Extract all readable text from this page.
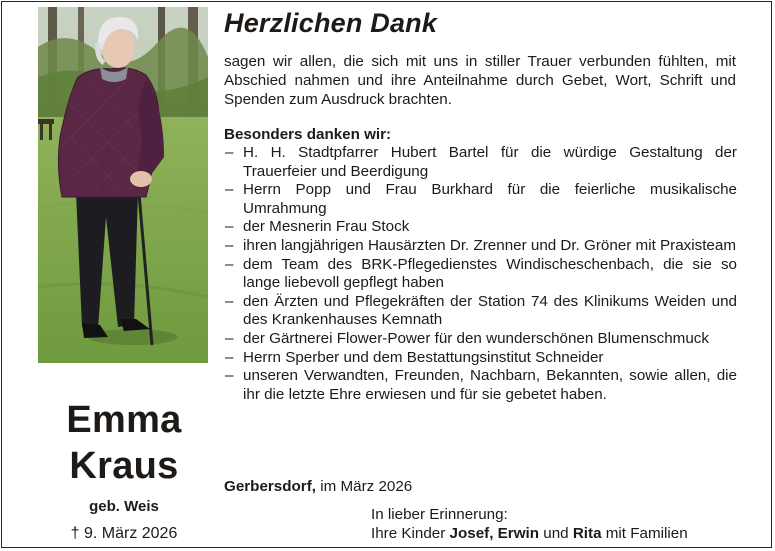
Emma
Kraus
geb. Weis
† 9. März 2026
Herzlichen Dank

sagen wir allen, die sich mit uns in stiller Trauer verbunden fühlten, mit Abschied nahmen und ihre Anteilnahme durch Gebet, Wort, Schrift und Spenden zum Ausdruck brachten.

Besonders danken wir:
– H. H. Stadtpfarrer Hubert Bartel für die würdige Gestaltung der Trauerfeier und Beerdigung
– Herrn Popp und Frau Burkhard für die feierliche musikalische Umrahmung
– der Mesnerin Frau Stock
– ihren langjährigen Hausärzten Dr. Zrenner und Dr. Gröner mit Praxisteam
– dem Team des BRK-Pflegedienstes Windischeschenbach, die sie so lange liebevoll gepflegt haben
– den Ärzten und Pflegekräften der Station 74 des Klinikums Weiden und des Krankenhauses Kemnath
– der Gärtnerei Flower-Power für den wunderschönen Blumenschmuck
– Herrn Sperber und dem Bestattungsinstitut Schneider
– unseren Verwandten, Freunden, Nachbarn, Bekannten, sowie allen, die ihr die letzte Ehre erwiesen und für sie gebetet haben.
Gerbersdorf, im März 2026
In lieber Erinnerung:
Ihre Kinder Josef, Erwin und Rita mit Familien
